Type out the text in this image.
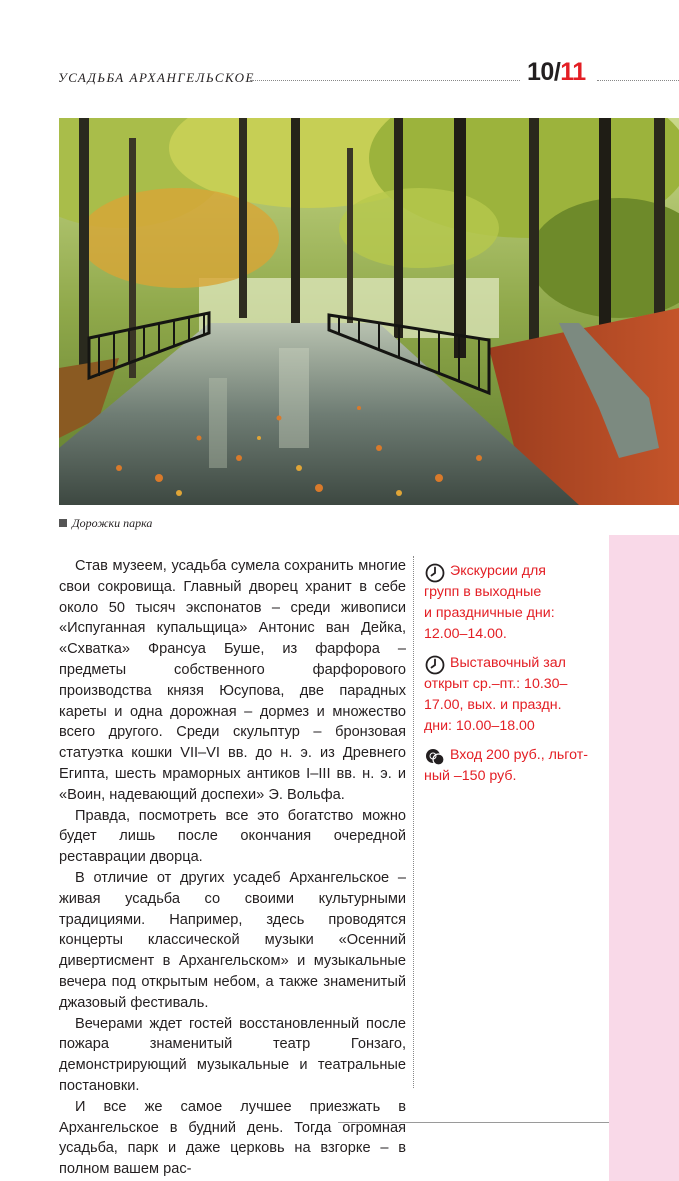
УСАДЬБА АРХАНГЕЛЬСКОЕ	10/11
Дорожки парка

Став музеем, усадьба сумела сохранить многие свои сокровища. Главный дворец хранит в себе около 50 тысяч экспонатов – среди живописи «Испуганная купальщица» Антонис ван Дейка, «Схватка» Франсуа Буше, из фарфора – предметы собственного фарфорового производства князя Юсупова, две парадных кареты и одна дорожная – дормез и множество всего другого. Среди скульптур – бронзовая статуэтка кошки VII–VI вв. до н. э. из Древнего Египта, шесть мраморных антиков I–III вв. н. э. и «Воин, надевающий доспехи» Э. Вольфа.

Правда, посмотреть все это богатство можно будет лишь после окончания очередной реставрации дворца.

В отличие от других усадеб Архангельское – живая усадьба со своими культурными традициями. Например, здесь проводятся концерты классической музыки «Осенний дивертисмент в Архангельском» и музыкальные вечера под открытым небом, а также знаменитый джазовый фестиваль.

Вечерами ждет гостей восстановленный после пожара знаменитый театр Гонзаго, демонстрирующий музыкальные и театральные постановки.

И все же самое лучшее приезжать в Архангельское в будний день. Тогда огромная усадьба, парк и даже церковь на взгорке – в полном вашем рас-

Экскурсии для
групп в выходные
и праздничные дни:
12.00–14.00.
Выставочный зал
открыт ср.–пт.: 10.30–
17.00, вых. и праздн.
дни: 10.00–18.00
Вход 200 руб., льгот-
ный –150 руб.
